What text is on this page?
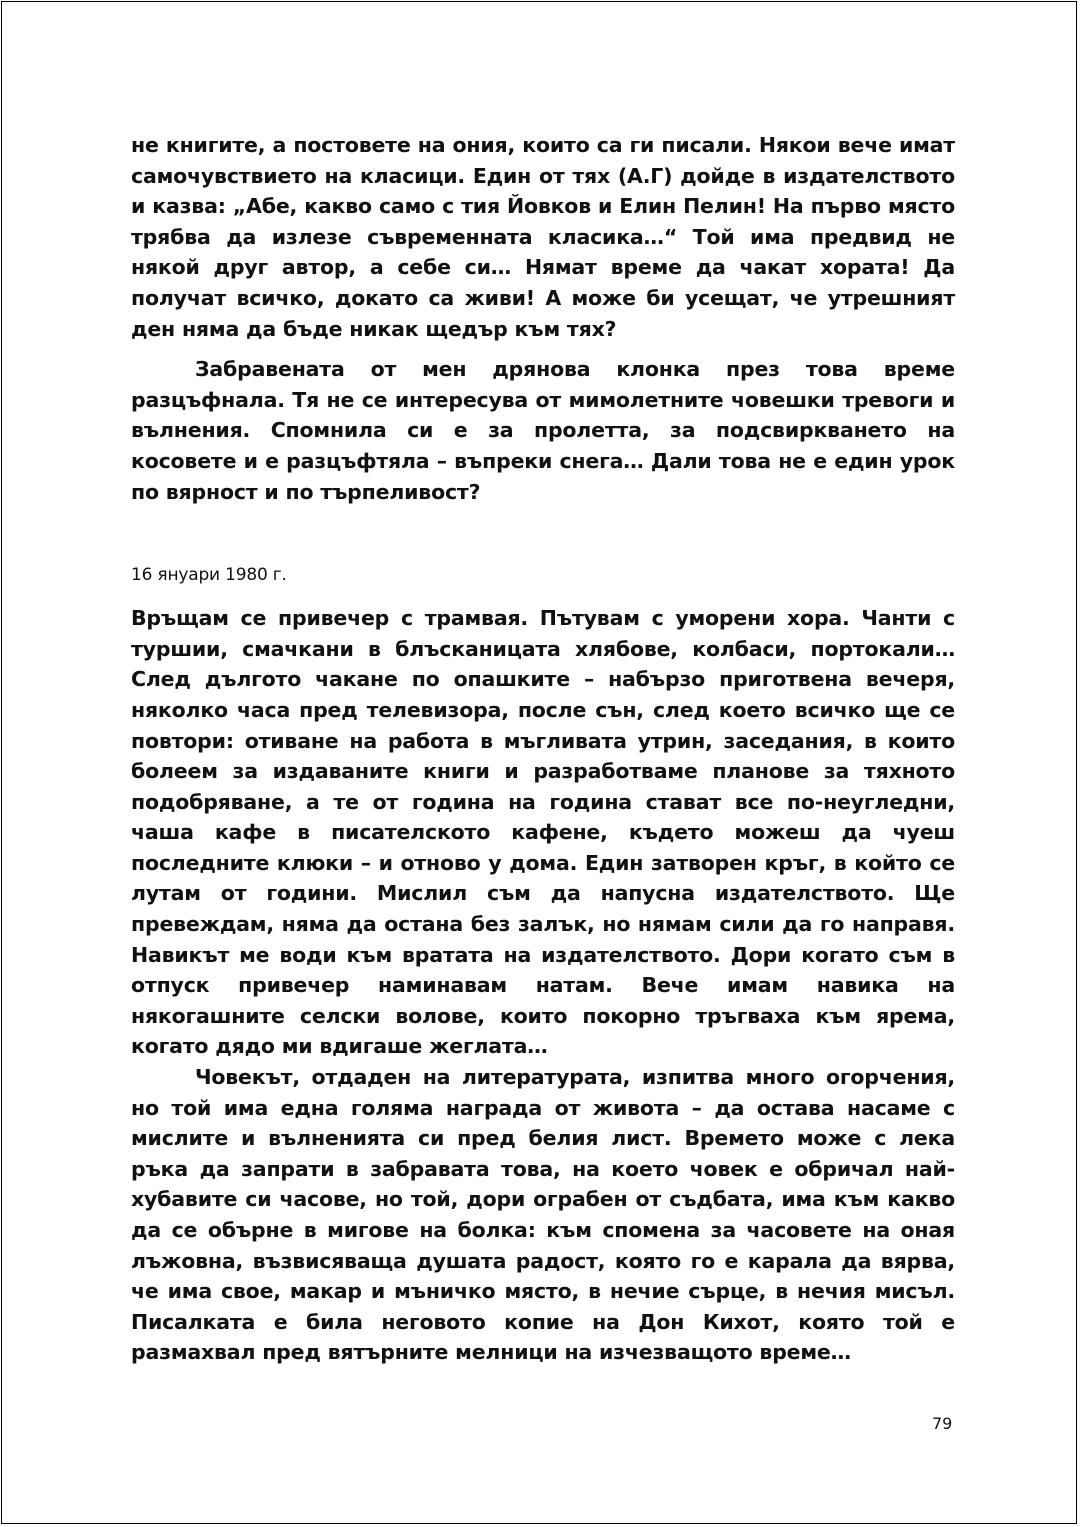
не книгите, а постовете на ония, които са ги писали. Някои вече имат самочувствието на класици. Един от тях (А.Г) дойде в издателството и казва: „Абе, какво само с тия Йовков и Елин Пелин! На първо място трябва да излезе съвременната класика…“ Той има предвид не някой друг автор, а себе си… Нямат време да чакат хората! Да получат всичко, докато са живи! А може би усещат, че утрешният ден няма да бъде никак щедър към тях?

Забравената от мен дрянова клонка през това време разцъфнала. Тя не се интересува от мимолетните човешки тревоги и вълнения. Спомнила си е за пролетта, за подсвиркването на косовете и е разцъфтяла – въпреки снега… Дали това не е един урок по вярност и по търпеливост?

16 януари 1980 г.

Връщам се привечер с трамвая. Пътувам с уморени хора. Чанти с туршии, смачкани в блъсканицата хлябове, колбаси, портокали… След дългото чакане по опашките – набързо приготвена вечеря, няколко часа пред телевизора, после сън, след което всичко ще се повтори: отиване на работа в мъгливата утрин, заседания, в които болеем за издаваните книги и разработваме планове за тяхното подобряване, а те от година на година стават все по-неугледни, чаша кафе в писателското кафене, където можеш да чуеш последните клюки – и отново у дома. Един затворен кръг, в който се лутам от години. Мислил съм да напусна издателството. Ще превеждам, няма да остана без залък, но нямам сили да го направя. Навикът ме води към вратата на издателството. Дори когато съм в отпуск привечер наминавам натам. Вече имам навика на някогашните селски волове, които покорно тръгваха към ярема, когато дядо ми вдигаше жеглата…

Човекът, отдаден на литературата, изпитва много огорчения, но той има една голяма награда от живота – да остава насаме с мислите и вълненията си пред белия лист. Времето може с лека ръка да запрати в забравата това, на което човек е обричал най-хубавите си часове, но той, дори ограбен от съдбата, има към какво да се обърне в мигове на болка: към спомена за часовете на оная лъжовна, възвисяваща душата радост, която го е карала да вярва, че има свое, макар и мъничко място, в нечие сърце, в нечия мисъл. Писалката е била неговото копие на Дон Кихот, която той е размахвал пред вятърните мелници на изчезващото време…

79
